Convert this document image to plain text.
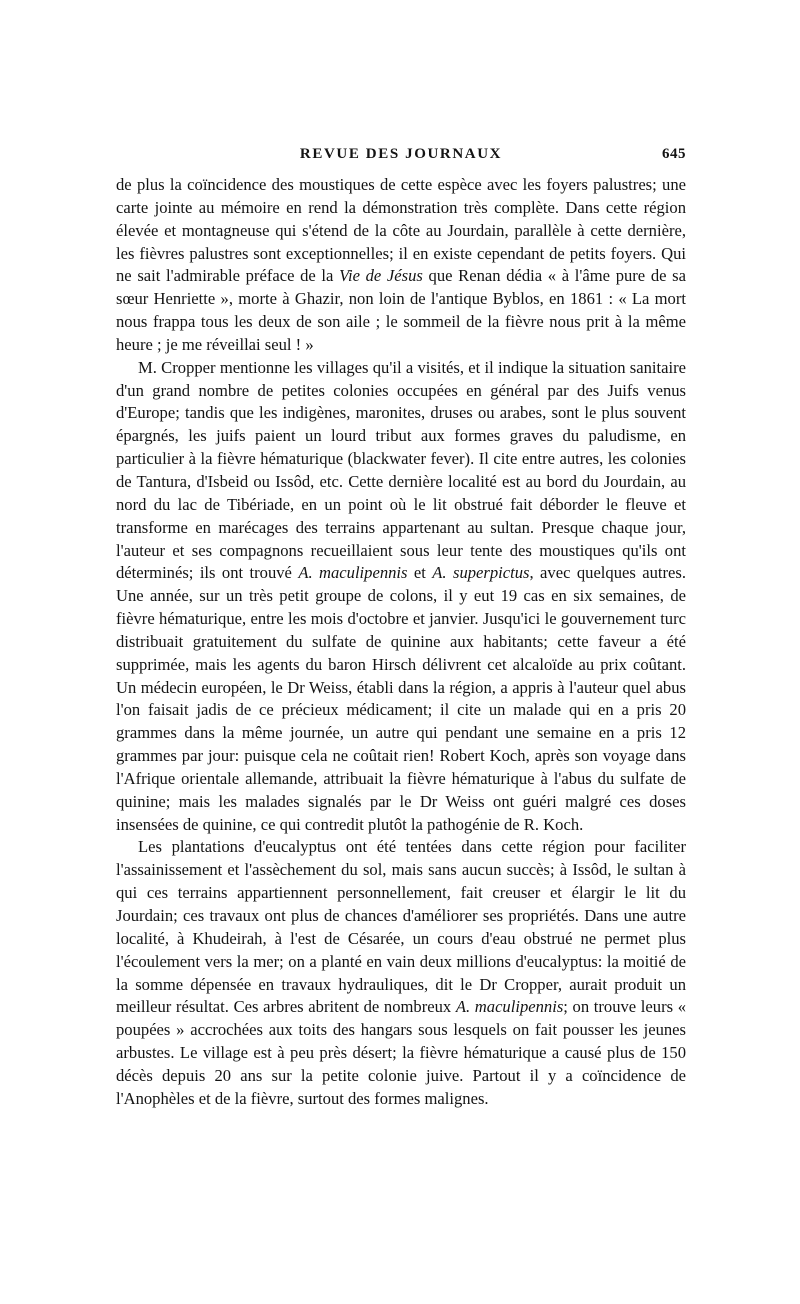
REVUE DES JOURNAUX	645

de plus la coïncidence des moustiques de cette espèce avec les foyers palustres; une carte jointe au mémoire en rend la démonstration très complète. Dans cette région élevée et montagneuse qui s'étend de la côte au Jourdain, parallèle à cette dernière, les fièvres palustres sont exceptionnelles; il en existe cependant de petits foyers. Qui ne sait l'admirable préface de la Vie de Jésus que Renan dédia « à l'âme pure de sa sœur Henriette », morte à Ghazir, non loin de l'antique Byblos, en 1861 : « La mort nous frappa tous les deux de son aile ; le sommeil de la fièvre nous prit à la même heure ; je me réveillai seul ! »

M. Cropper mentionne les villages qu'il a visités, et il indique la situation sanitaire d'un grand nombre de petites colonies occupées en général par des Juifs venus d'Europe; tandis que les indigènes, maronites, druses ou arabes, sont le plus souvent épargnés, les juifs paient un lourd tribut aux formes graves du paludisme, en particulier à la fièvre hématurique (blackwater fever). Il cite entre autres, les colonies de Tantura, d'Isbeid ou Issôd, etc. Cette dernière localité est au bord du Jourdain, au nord du lac de Tibériade, en un point où le lit obstrué fait déborder le fleuve et transforme en marécages des terrains appartenant au sultan. Presque chaque jour, l'auteur et ses compagnons recueillaient sous leur tente des moustiques qu'ils ont déterminés; ils ont trouvé A. maculipennis et A. superpictus, avec quelques autres. Une année, sur un très petit groupe de colons, il y eut 19 cas en six semaines, de fièvre hématurique, entre les mois d'octobre et janvier. Jusqu'ici le gouvernement turc distribuait gratuitement du sulfate de quinine aux habitants; cette faveur a été supprimée, mais les agents du baron Hirsch délivrent cet alcaloïde au prix coûtant. Un médecin européen, le Dr Weiss, établi dans la région, a appris à l'auteur quel abus l'on faisait jadis de ce précieux médicament; il cite un malade qui en a pris 20 grammes dans la même journée, un autre qui pendant une semaine en a pris 12 grammes par jour: puisque cela ne coûtait rien! Robert Koch, après son voyage dans l'Afrique orientale allemande, attribuait la fièvre hématurique à l'abus du sulfate de quinine; mais les malades signalés par le Dr Weiss ont guéri malgré ces doses insensées de quinine, ce qui contredit plutôt la pathogénie de R. Koch.

Les plantations d'eucalyptus ont été tentées dans cette région pour faciliter l'assainissement et l'assèchement du sol, mais sans aucun succès; à Issôd, le sultan à qui ces terrains appartiennent personnellement, fait creuser et élargir le lit du Jourdain; ces travaux ont plus de chances d'améliorer ses propriétés. Dans une autre localité, à Khudeirah, à l'est de Césarée, un cours d'eau obstrué ne permet plus l'écoulement vers la mer; on a planté en vain deux millions d'eucalyptus: la moitié de la somme dépensée en travaux hydrauliques, dit le Dr Cropper, aurait produit un meilleur résultat. Ces arbres abritent de nombreux A. maculipennis; on trouve leurs « poupées » accrochées aux toits des hangars sous lesquels on fait pousser les jeunes arbustes. Le village est à peu près désert; la fièvre hématurique a causé plus de 150 décès depuis 20 ans sur la petite colonie juive. Partout il y a coïncidence de l'Anophèles et de la fièvre, surtout des formes malignes.
